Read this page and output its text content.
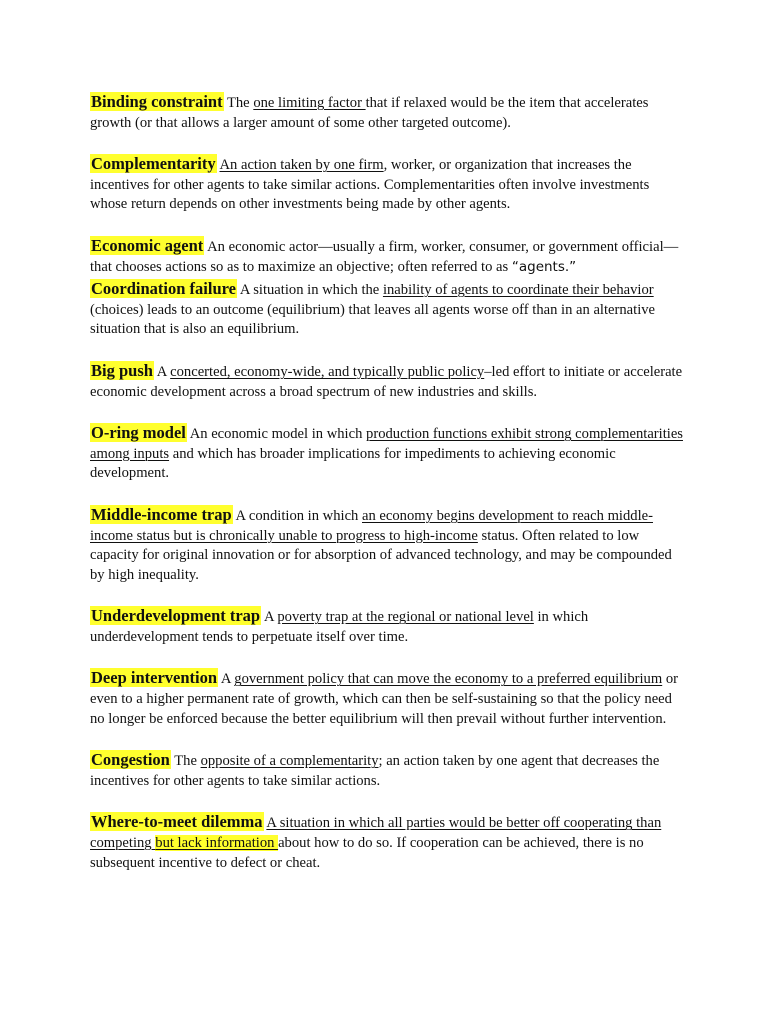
Binding constraint The one limiting factor that if relaxed would be the item that accelerates growth (or that allows a larger amount of some other targeted outcome).

Complementarity An action taken by one firm, worker, or organization that increases the incentives for other agents to take similar actions. Complementarities often involve investments whose return depends on other investments being made by other agents.

Economic agent An economic actor—usually a firm, worker, consumer, or government official— that chooses actions so as to maximize an objective; often referred to as “agents.”

Coordination failure A situation in which the inability of agents to coordinate their behavior (choices) leads to an outcome (equilibrium) that leaves all agents worse off than in an alternative situation that is also an equilibrium.

Big push A concerted, economy-wide, and typically public policy–led effort to initiate or accelerate economic development across a broad spectrum of new industries and skills.

O-ring model An economic model in which production functions exhibit strong complementarities among inputs and which has broader implications for impediments to achieving economic development.

Middle-income trap A condition in which an economy begins development to reach middle-income status but is chronically unable to progress to high-income status. Often related to low capacity for original innovation or for absorption of advanced technology, and may be compounded by high inequality.

Underdevelopment trap A poverty trap at the regional or national level in which underdevelopment tends to perpetuate itself over time.

Deep intervention A government policy that can move the economy to a preferred equilibrium or even to a higher permanent rate of growth, which can then be self-sustaining so that the policy need no longer be enforced because the better equilibrium will then prevail without further intervention.

Congestion The opposite of a complementarity; an action taken by one agent that decreases the incentives for other agents to take similar actions.

Where-to-meet dilemma A situation in which all parties would be better off cooperating than competing but lack information about how to do so. If cooperation can be achieved, there is no subsequent incentive to defect or cheat.
